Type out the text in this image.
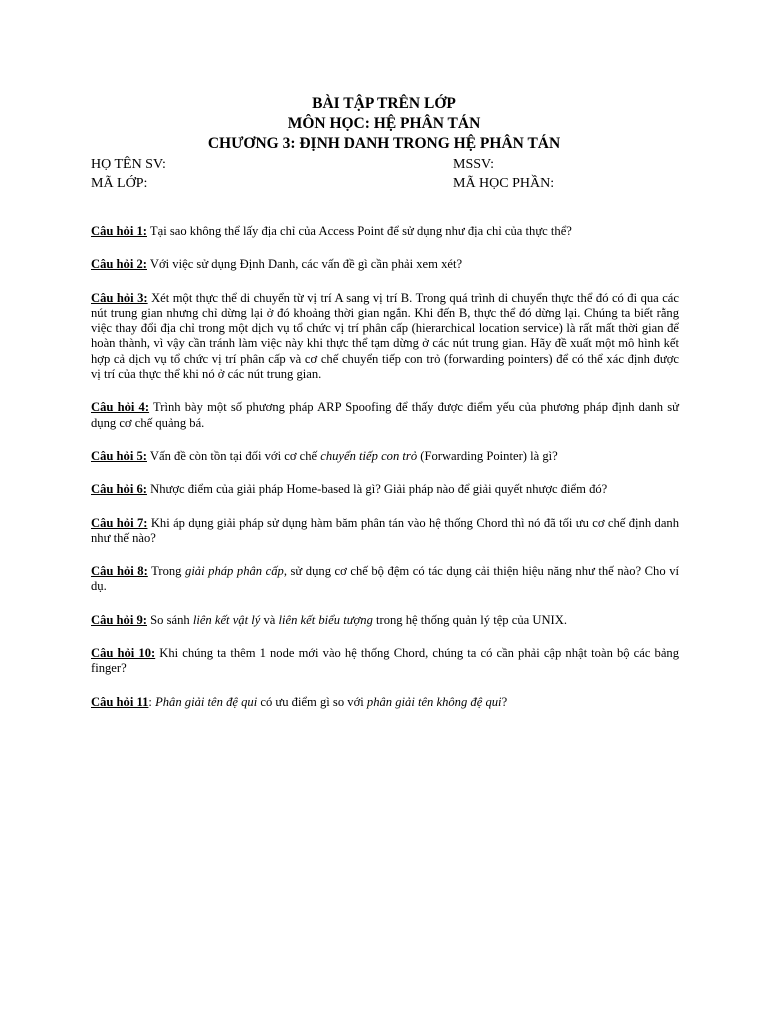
BÀI TẬP TRÊN LỚP
MÔN HỌC: HỆ PHÂN TÁN
CHƯƠNG 3: ĐỊNH DANH TRONG HỆ PHÂN TÁN
HỌ TÊN SV:	MSSV:
MÃ LỚP:	MÃ HỌC PHẦN:

Câu hỏi 1: Tại sao không thể lấy địa chỉ của Access Point để sử dụng như địa chỉ của thực thể?

Câu hỏi 2: Với việc sử dụng Định Danh, các vấn đề gì cần phải xem xét?

Câu hỏi 3: Xét một thực thể di chuyển từ vị trí A sang vị trí B. Trong quá trình di chuyển thực thể đó có đi qua các nút trung gian nhưng chỉ dừng lại ở đó khoảng thời gian ngắn. Khi đến B, thực thể đó dừng lại. Chúng ta biết rằng việc thay đổi địa chỉ trong một dịch vụ tổ chức vị trí phân cấp (hierarchical location service) là rất mất thời gian để hoàn thành, vì vậy cần tránh làm việc này khi thực thể tạm dừng ở các nút trung gian. Hãy đề xuất một mô hình kết hợp cả dịch vụ tổ chức vị trí phân cấp và cơ chế chuyển tiếp con trỏ (forwarding pointers) để có thể xác định được vị trí của thực thể khi nó ở các nút trung gian.

Câu hỏi 4: Trình bày một số phương pháp ARP Spoofing để thấy được điểm yếu của phương pháp định danh sử dụng cơ chế quảng bá.

Câu hỏi 5: Vấn đề còn tồn tại đối với cơ chế chuyển tiếp con trỏ (Forwarding Pointer) là gì?

Câu hỏi 6: Nhược điểm của giải pháp Home-based là gì? Giải pháp nào để giải quyết nhược điểm đó?

Câu hỏi 7: Khi áp dụng giải pháp sử dụng hàm băm phân tán vào hệ thống Chord thì nó đã tối ưu cơ chế định danh như thế nào?

Câu hỏi 8: Trong giải pháp phân cấp, sử dụng cơ chế bộ đệm có tác dụng cải thiện hiệu năng như thế nào? Cho ví dụ.

Câu hỏi 9: So sánh liên kết vật lý và liên kết biểu tượng trong hệ thống quản lý tệp của UNIX.

Câu hỏi 10: Khi chúng ta thêm 1 node mới vào hệ thống Chord, chúng ta có cần phải cập nhật toàn bộ các bảng finger?

Câu hỏi 11: Phân giải tên đệ qui có ưu điểm gì so với phân giải tên không đệ qui?
